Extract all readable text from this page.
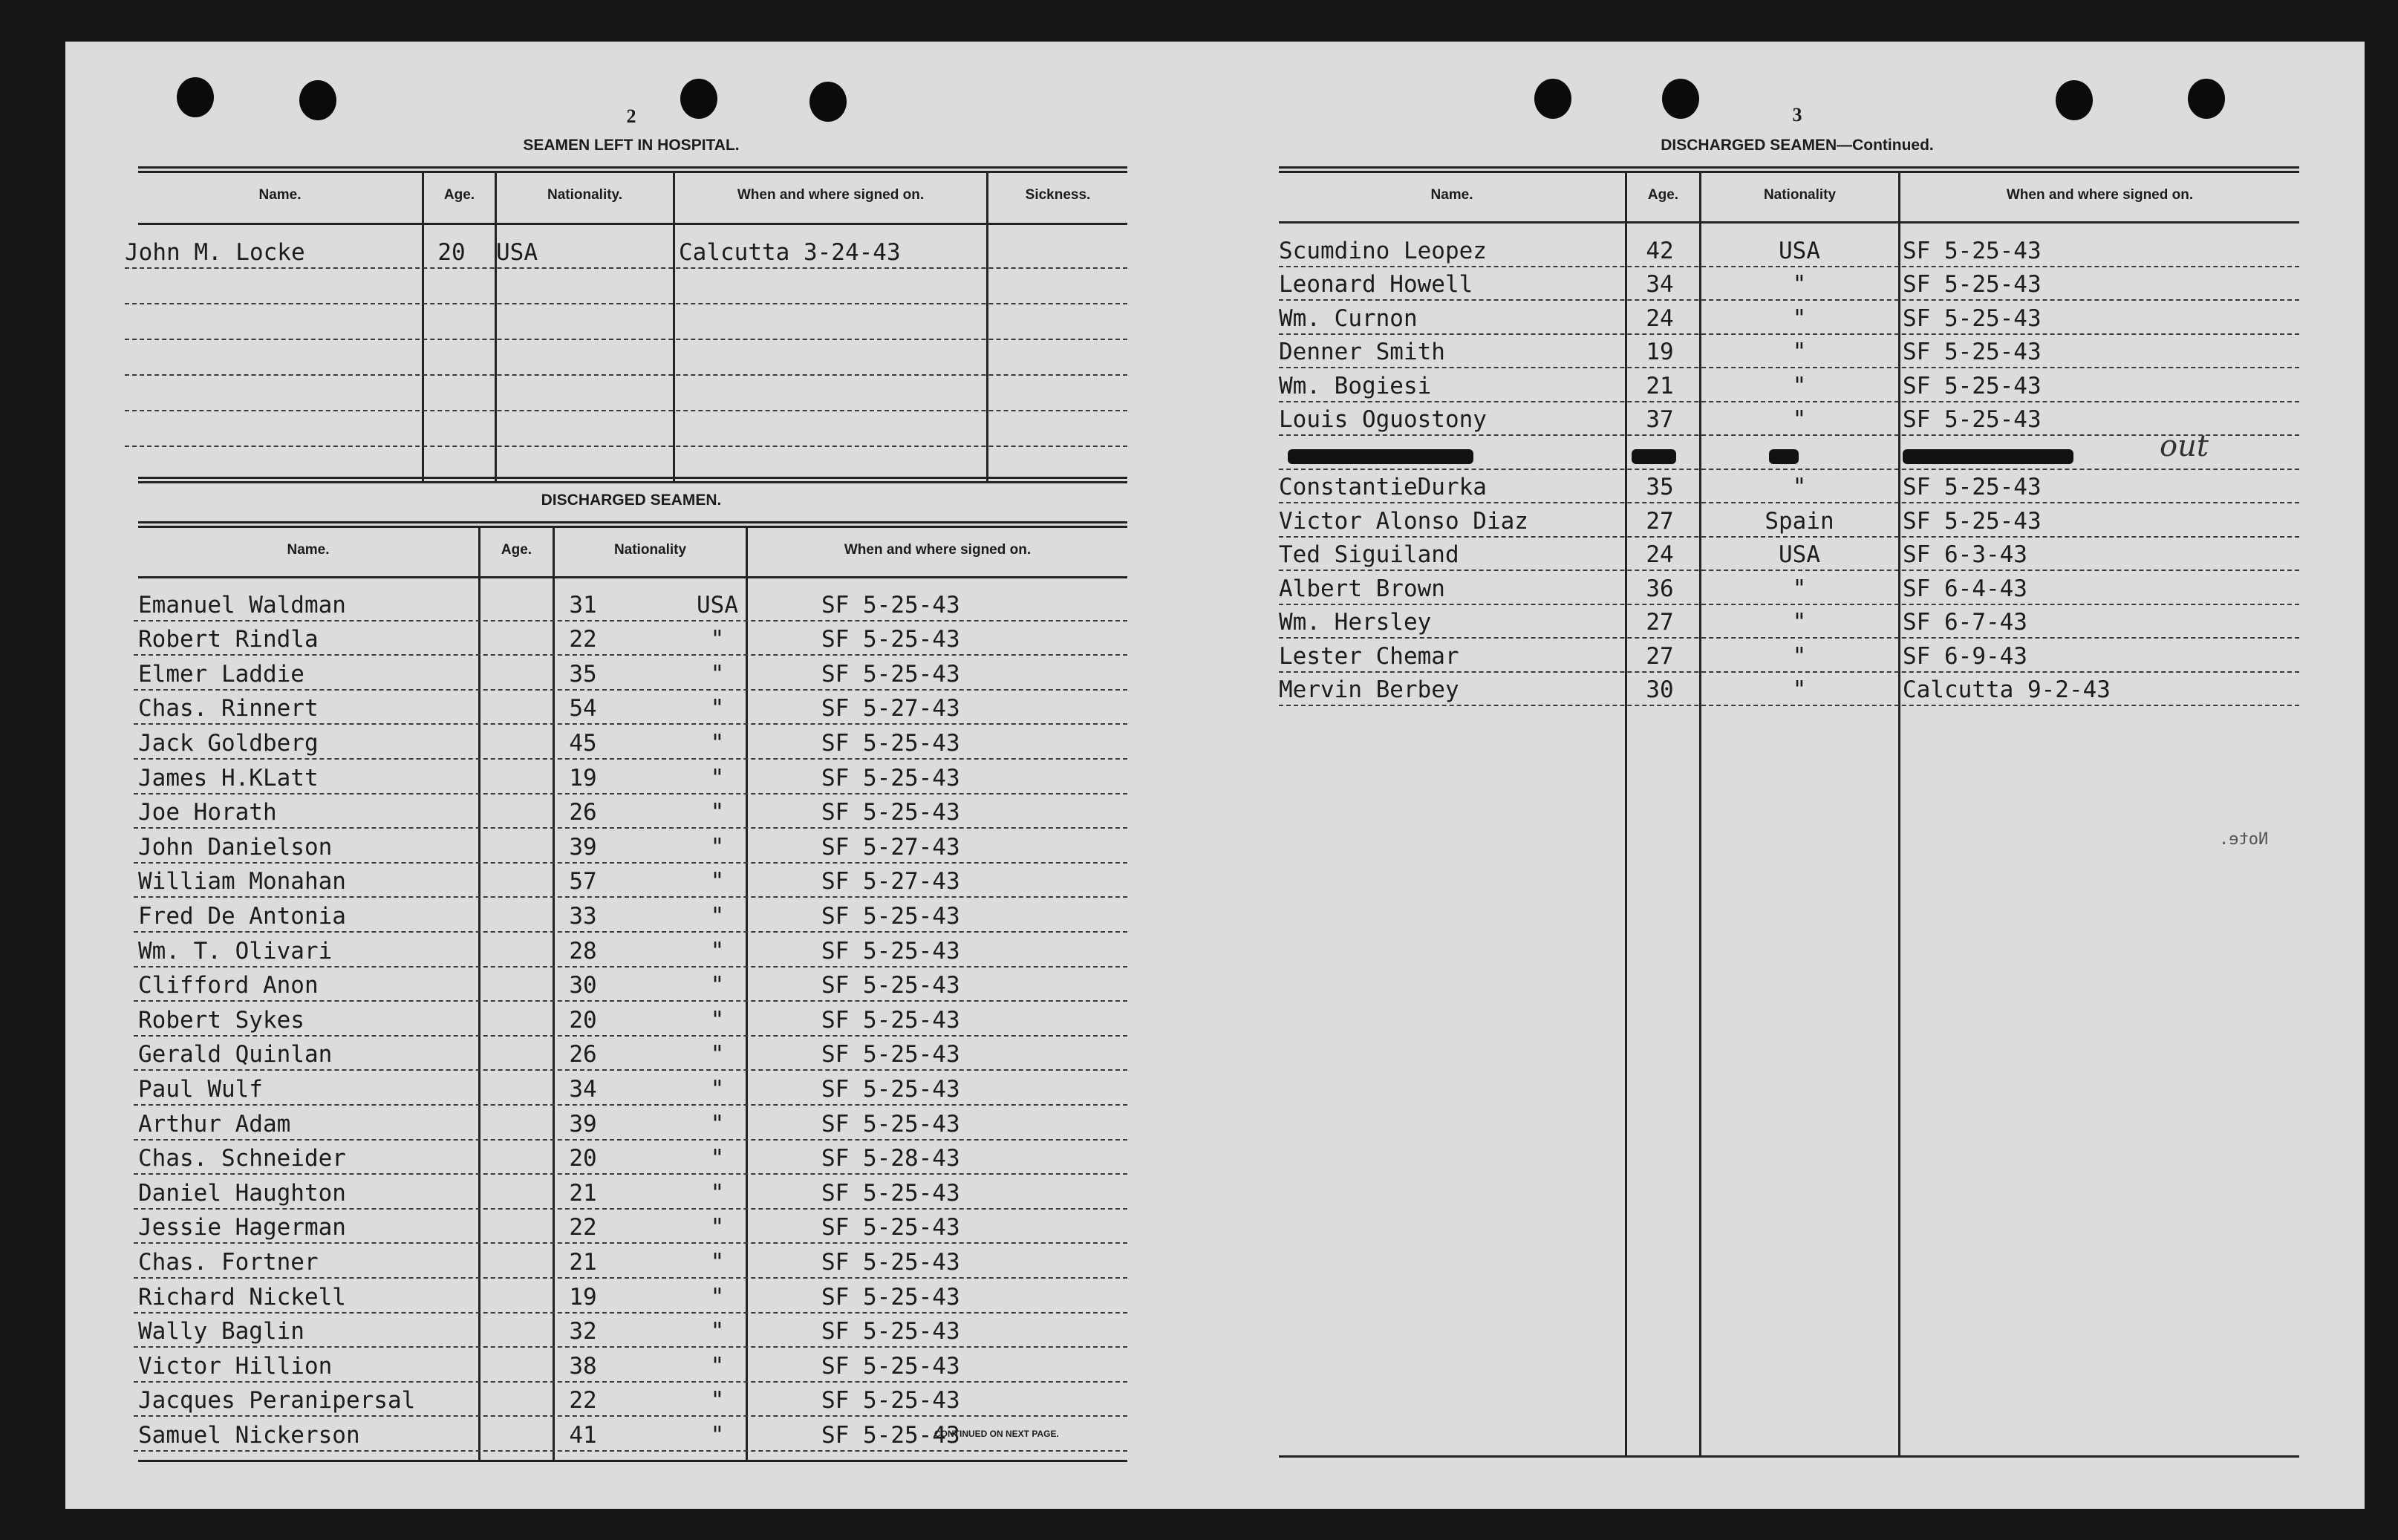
2
SEAMEN LEFT IN HOSPITAL.
Name.	Age.	Nationality.	When and where signed on.	Sickness.
John M. Locke	20	USA	Calcutta 3-24-43
DISCHARGED SEAMEN.
Name.	Age.	Nationality	When and where signed on.
Emanuel Waldman	31	USA	SF 5-25-43
Robert Rindla	22	"	SF 5-25-43
Elmer Laddie	35	"	SF 5-25-43
Chas. Rinnert	54	"	SF 5-27-43
Jack Goldberg	45	"	SF 5-25-43
James H.KLatt	19	"	SF 5-25-43
Joe Horath	26	"	SF 5-25-43
John Danielson	39	"	SF 5-27-43
William Monahan	57	"	SF 5-27-43
Fred De Antonia	33	"	SF 5-25-43
Wm. T. Olivari	28	"	SF 5-25-43
Clifford Anon	30	"	SF 5-25-43
Robert Sykes	20	"	SF 5-25-43
Gerald Quinlan	26	"	SF 5-25-43
Paul Wulf	34	"	SF 5-25-43
Arthur Adam	39	"	SF 5-25-43
Chas. Schneider	20	"	SF 5-28-43
Daniel Haughton	21	"	SF 5-25-43
Jessie Hagerman	22	"	SF 5-25-43
Chas. Fortner	21	"	SF 5-25-43
Richard Nickell	19	"	SF 5-25-43
Wally Baglin	32	"	SF 5-25-43
Victor Hillion	38	"	SF 5-25-43
Jacques Peranipersal	22	"	SF 5-25-43
Samuel Nickerson	41	"	SF 5-25-43
CONTINUED ON NEXT PAGE.
3
DISCHARGED SEAMEN—Continued.
Name.	Age.	Nationality	When and where signed on.
Scumdino Leopez	42	USA	SF 5-25-43
Leonard Howell	34	"	SF 5-25-43
Wm. Curnon	24	"	SF 5-25-43
Denner Smith	19	"	SF 5-25-43
Wm. Bogiesi	21	"	SF 5-25-43
Louis Oguostony	37	"	SF 5-25-43
ConstantieDurka	35	"	SF 5-25-43
Victor Alonso Diaz	27	Spain	SF 5-25-43
Ted Siguiland	24	USA	SF 6-3-43
Albert Brown	36	"	SF 6-4-43
Wm. Hersley	27	"	SF 6-7-43
Lester Chemar	27	"	SF 6-9-43
Mervin Berbey	30	"	Calcutta 9-2-43
out
Note.
